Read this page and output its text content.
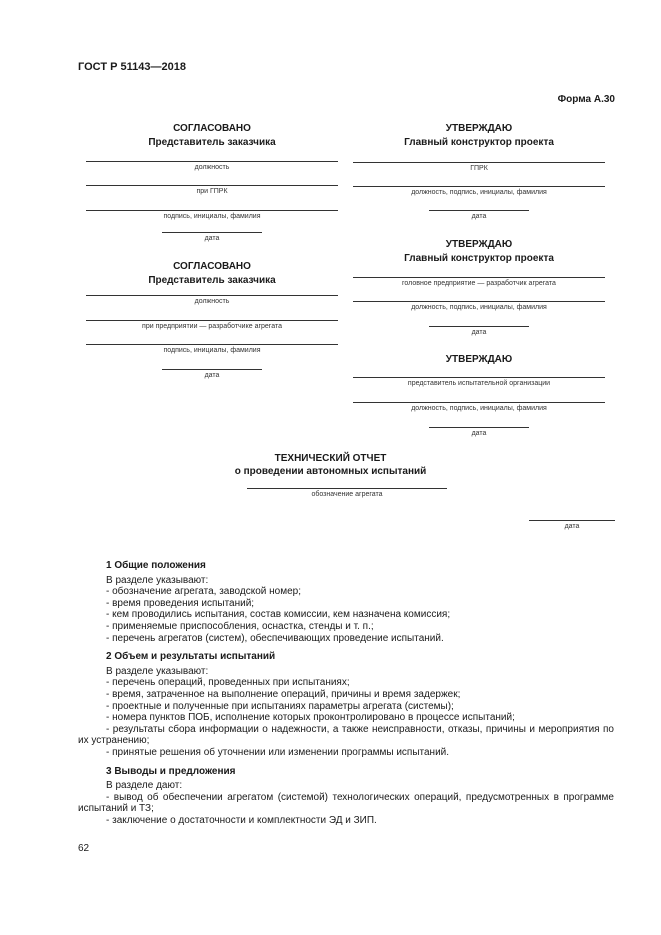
ГОСТ Р 51143—2018
Форма А.30
СОГЛАСОВАНО
Представитель заказчика
должность
при ГПРК
подпись, инициалы, фамилия
дата
СОГЛАСОВАНО
Представитель заказчика
должность
при предприятии — разработчике агрегата
подпись, инициалы, фамилия
дата
УТВЕРЖДАЮ
Главный конструктор проекта
ГПРК
должность, подпись, инициалы, фамилия
дата
УТВЕРЖДАЮ
Главный конструктор проекта
головное предприятие — разработчик агрегата
должность, подпись, инициалы, фамилия
дата
УТВЕРЖДАЮ
представитель испытательной организации
должность, подпись, инициалы, фамилия
дата
ТЕХНИЧЕСКИЙ ОТЧЕТ
о проведении автономных испытаний
обозначение агрегата
дата
1 Общие положения
В разделе указывают:
- обозначение агрегата, заводской номер;
- время проведения испытаний;
- кем проводились испытания, состав комиссии, кем назначена комиссия;
- применяемые приспособления, оснастка, стенды и т. п.;
- перечень агрегатов (систем), обеспечивающих проведение испытаний.
2 Объем и результаты испытаний
В разделе указывают:
- перечень операций, проведенных при испытаниях;
- время, затраченное на выполнение операций, причины и время задержек;
- проектные и полученные при испытаниях параметры агрегата (системы);
- номера пунктов ПОБ, исполнение которых проконтролировано в процессе испытаний;
- результаты сбора информации о надежности, а также неисправности, отказы, причины и мероприятия по их устранению;
- принятые решения об уточнении или изменении программы испытаний.
3 Выводы и предложения
В разделе дают:
- вывод об обеспечении агрегатом (системой) технологических операций, предусмотренных в программе испытаний и ТЗ;
- заключение о достаточности и комплектности ЭД и ЗИП.
62
